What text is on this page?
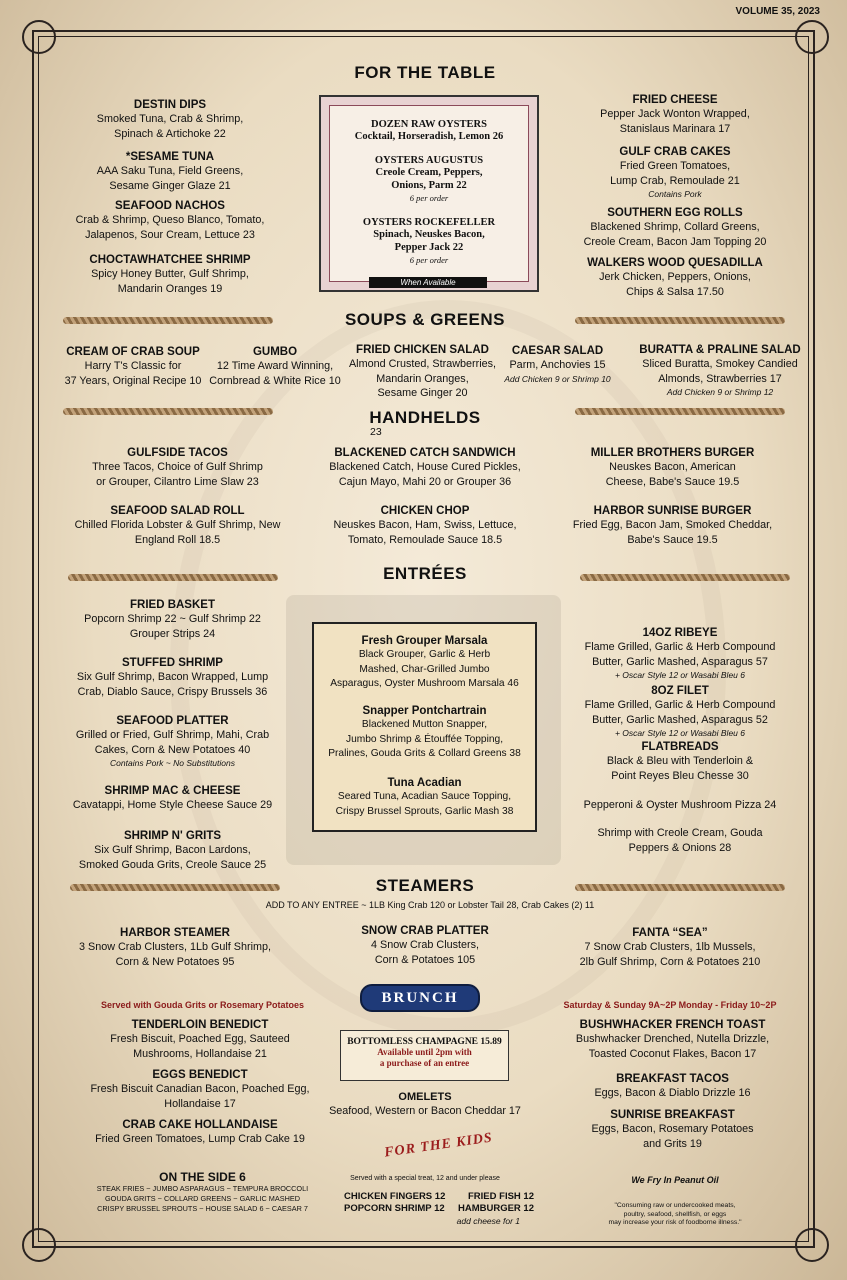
VOLUME 35, 2023
FOR THE TABLE
DOZEN RAW OYSTERS
Cocktail, Horseradish, Lemon 26
OYSTERS AUGUSTUS
Creole Cream, Peppers,
Onions, Parm 22
6 per order
OYSTERS ROCKEFELLER
Spinach, Neuskes Bacon,
Pepper Jack 22
6 per order
When Available
SOUPS & GREENS
HANDHELDS
23
ENTRÉES
Fresh Grouper Marsala
Black Grouper, Garlic & Herb
Mashed, Char-Grilled Jumbo
Asparagus, Oyster Mushroom Marsala 46
Snapper Pontchartrain
Blackened Mutton Snapper,
Jumbo Shrimp & Étouffée Topping,
Pralines, Gouda Grits & Collard Greens 38
Tuna Acadian
Seared Tuna, Acadian Sauce Topping,
Crispy Brussel Sprouts, Garlic Mash 38
STEAMERS
ADD TO ANY ENTREE ~ 1LB King Crab 120 or Lobster Tail 28, Crab Cakes (2) 11
BRUNCH
Served with Gouda Grits or Rosemary Potatoes	Saturday & Sunday 9A~2P Monday - Friday 10~2P
BOTTOMLESS CHAMPAGNE 15.89
Available until 2pm with
a purchase of an entree
OMELETS
Seafood, Western or Bacon Cheddar 17
ON THE SIDE 6
STEAK FRIES ~ JUMBO ASPARAGUS ~ TEMPURA BROCCOLI
GOUDA GRITS ~ COLLARD GREENS ~ GARLIC MASHED
CRISPY BRUSSEL SPROUTS ~ HOUSE SALAD 6 ~ CAESAR 7
FOR THE KIDS
Served with a special treat, 12 and under please
CHICKEN FINGERS 12 FRIED FISH 12
POPCORN SHRIMP 12 HAMBURGER 12
add cheese for 1
We Fry In Peanut Oil
"Consuming raw or undercooked meats,
poultry, seafood, shellfish, or eggs
may increase your risk of foodborne illness."
DESTIN DIPS
Smoked Tuna, Crab & Shrimp,
Spinach & Artichoke 22
*SESAME TUNA
AAA Saku Tuna, Field Greens,
Sesame Ginger Glaze 21
SEAFOOD NACHOS
Crab & Shrimp, Queso Blanco, Tomato,
Jalapenos, Sour Cream, Lettuce 23
CHOCTAWHATCHEE SHRIMP
Spicy Honey Butter, Gulf Shrimp,
Mandarin Oranges 19
FRIED CHEESE
Pepper Jack Wonton Wrapped,
Stanislaus Marinara 17
GULF CRAB CAKES
Fried Green Tomatoes,
Lump Crab, Remoulade 21
Contains Pork
SOUTHERN EGG ROLLS
Blackened Shrimp, Collard Greens,
Creole Cream, Bacon Jam Topping 20
WALKERS WOOD QUESADILLA
Jerk Chicken, Peppers, Onions,
Chips & Salsa 17.50
CREAM OF CRAB SOUP
Harry T's Classic for
37 Years, Original Recipe 10
GUMBO
12 Time Award Winning,
Cornbread & White Rice 10
FRIED CHICKEN SALAD
Almond Crusted, Strawberries,
Mandarin Oranges,
Sesame Ginger 20
CAESAR SALAD
Parm, Anchovies 15
Add Chicken 9 or Shrimp 10
BURATTA & PRALINE SALAD
Sliced Buratta, Smokey Candied
Almonds, Strawberries 17
Add Chicken 9 or Shrimp 12
GULFSIDE TACOS
Three Tacos, Choice of Gulf Shrimp
or Grouper, Cilantro Lime Slaw 23
BLACKENED CATCH SANDWICH
Blackened Catch, House Cured Pickles,
Cajun Mayo, Mahi 20 or Grouper 36
MILLER BROTHERS BURGER
Neuskes Bacon, American
Cheese, Babe's Sauce 19.5
SEAFOOD SALAD ROLL
Chilled Florida Lobster & Gulf Shrimp, New
England Roll 18.5
CHICKEN CHOP
Neuskes Bacon, Ham, Swiss, Lettuce,
Tomato, Remoulade Sauce 18.5
HARBOR SUNRISE BURGER
Fried Egg, Bacon Jam, Smoked Cheddar,
Babe's Sauce 19.5
FRIED BASKET
Popcorn Shrimp 22 ~ Gulf Shrimp 22
Grouper Strips 24
STUFFED SHRIMP
Six Gulf Shrimp, Bacon Wrapped, Lump
Crab, Diablo Sauce, Crispy Brussels 36
SEAFOOD PLATTER
Grilled or Fried, Gulf Shrimp, Mahi, Crab
Cakes, Corn & New Potatoes 40
Contains Pork ~ No Substitutions
SHRIMP MAC & CHEESE
Cavatappi, Home Style Cheese Sauce 29
SHRIMP N' GRITS
Six Gulf Shrimp, Bacon Lardons,
Smoked Gouda Grits, Creole Sauce 25
14OZ RIBEYE
Flame Grilled, Garlic & Herb Compound
Butter, Garlic Mashed, Asparagus 57
+ Oscar Style 12 or Wasabi Bleu 6
8OZ FILET
Flame Grilled, Garlic & Herb Compound
Butter, Garlic Mashed, Asparagus 52
+ Oscar Style 12 or Wasabi Bleu 6
FLATBREADS
Black & Bleu with Tenderloin &
Point Reyes Bleu Chesse 30
Pepperoni & Oyster Mushroom Pizza 24
Shrimp with Creole Cream, Gouda
Peppers & Onions 28
HARBOR STEAMER
3 Snow Crab Clusters, 1Lb Gulf Shrimp,
Corn & New Potatoes 95
SNOW CRAB PLATTER
4 Snow Crab Clusters,
Corn & Potatoes 105
FANTA “SEA”
7 Snow Crab Clusters, 1lb Mussels,
2lb Gulf Shrimp, Corn & Potatoes 210
TENDERLOIN BENEDICT
Fresh Biscuit, Poached Egg, Sauteed
Mushrooms, Hollandaise 21
EGGS BENEDICT
Fresh Biscuit Canadian Bacon, Poached Egg,
Hollandaise 17
CRAB CAKE HOLLANDAISE
Fried Green Tomatoes, Lump Crab Cake 19
BUSHWHACKER FRENCH TOAST
Bushwhacker Drenched, Nutella Drizzle,
Toasted Coconut Flakes, Bacon 17
BREAKFAST TACOS
Eggs, Bacon & Diablo Drizzle 16
SUNRISE BREAKFAST
Eggs, Bacon, Rosemary Potatoes
and Grits 19
